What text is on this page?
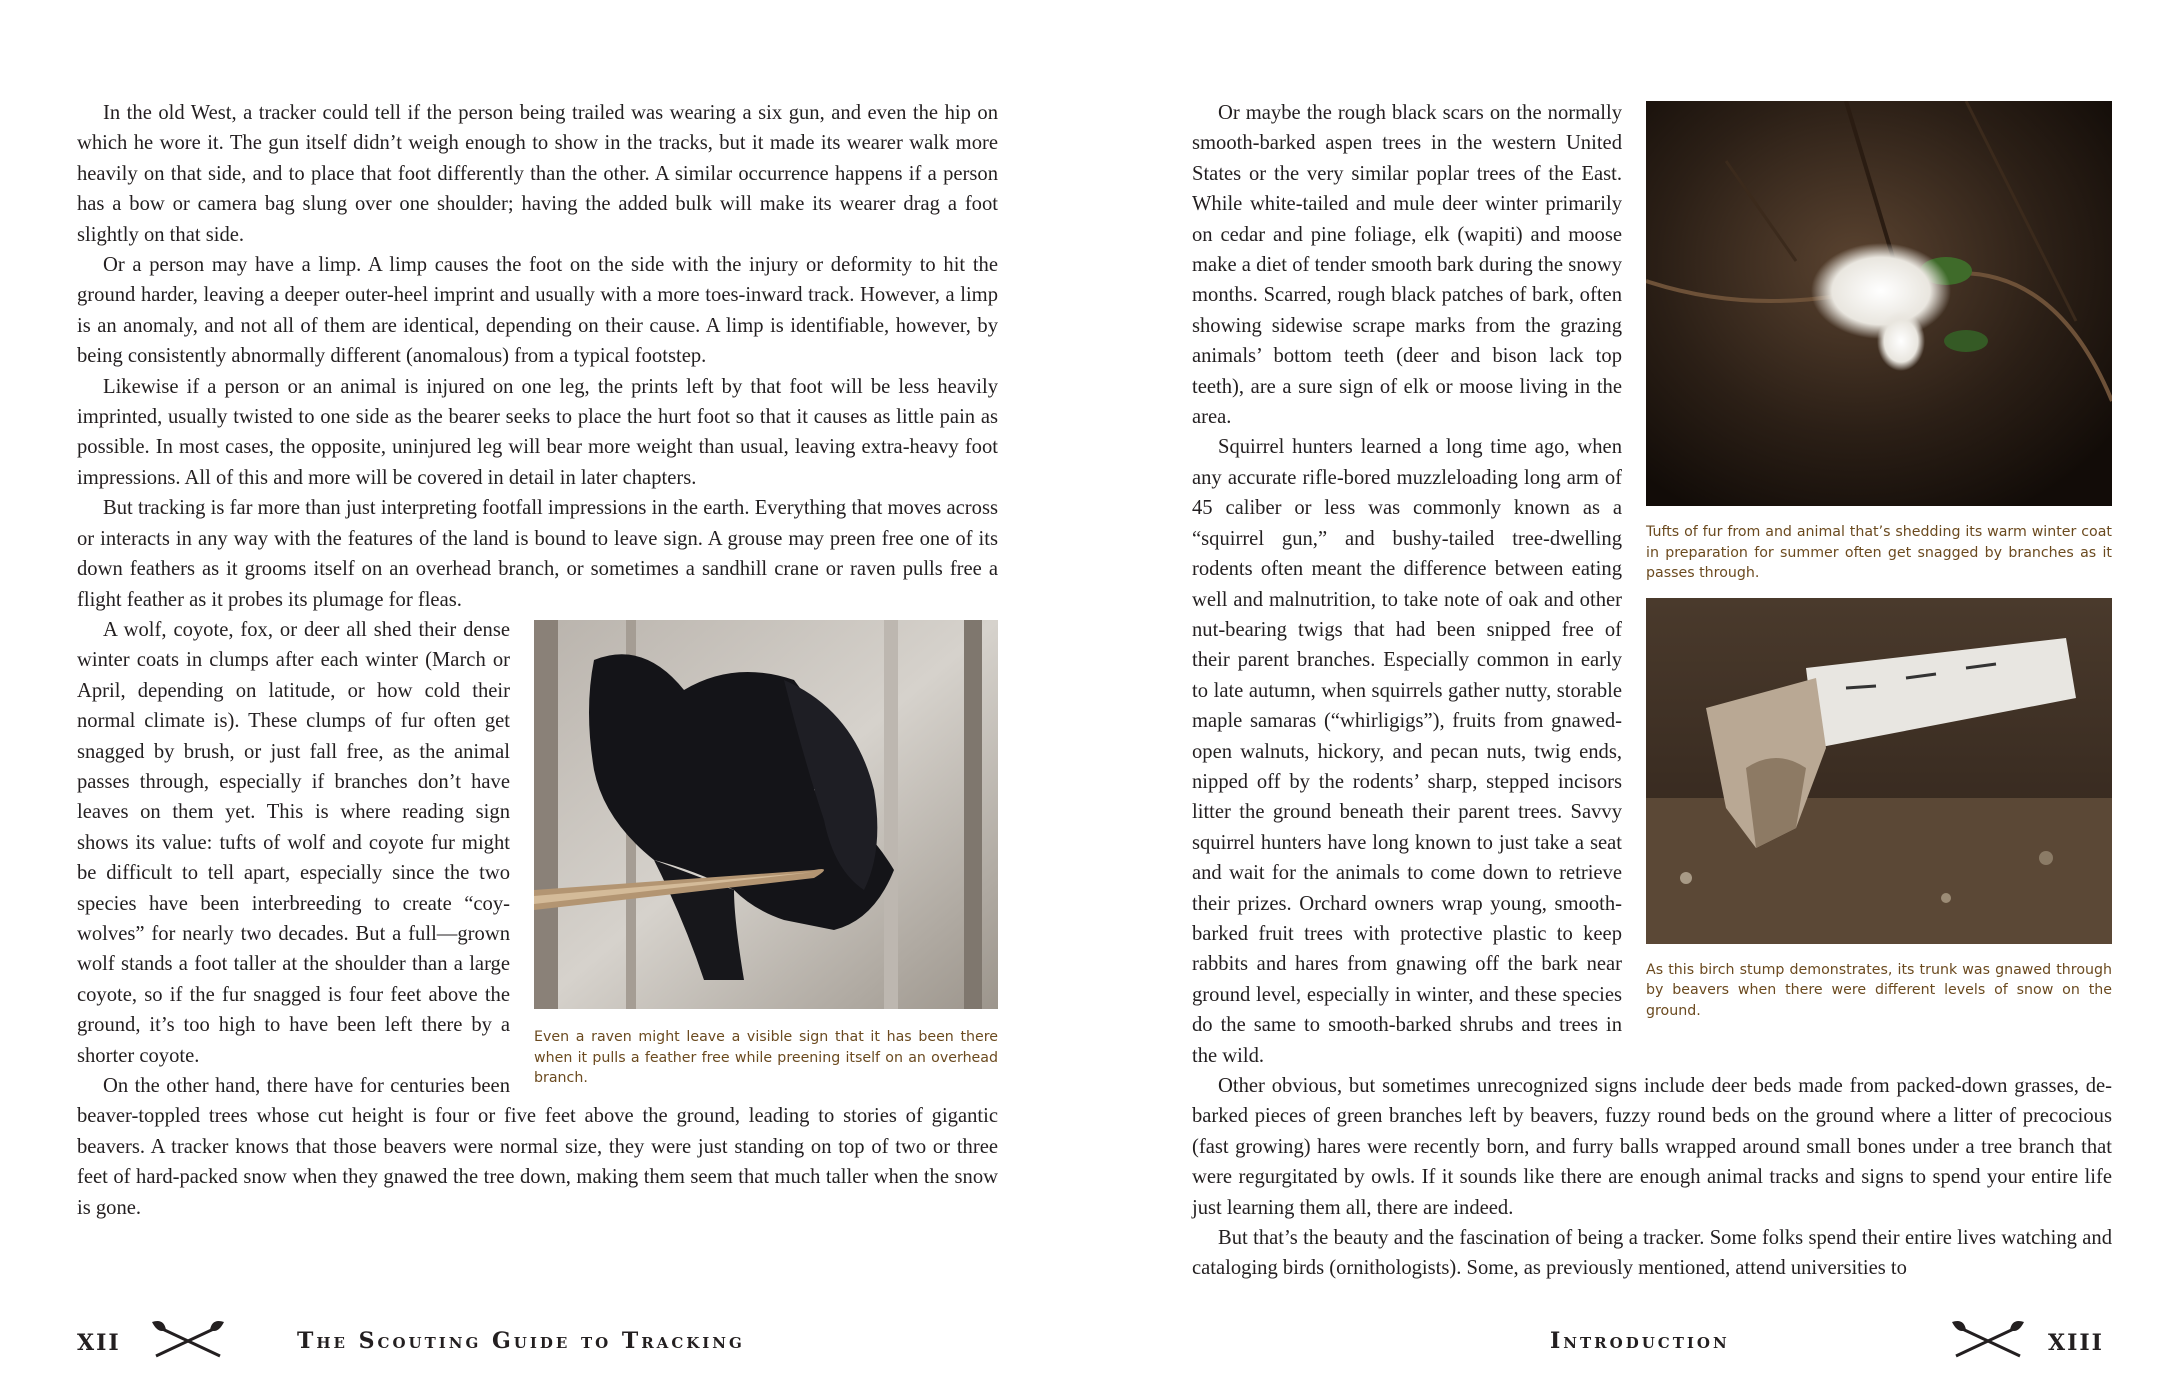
In the old West, a tracker could tell if the person being trailed was wearing a six gun, and even the hip on which he wore it. The gun itself didn’t weigh enough to show in the tracks, but it made its wearer walk more heavily on that side, and to place that foot differently than the other. A similar occurrence happens if a person has a bow or camera bag slung over one shoulder; having the added bulk will make its wearer drag a foot slightly on that side.

Or a person may have a limp. A limp causes the foot on the side with the injury or deformity to hit the ground harder, leaving a deeper outer-heel imprint and usually with a more toes-inward track. However, a limp is an anomaly, and not all of them are identical, depending on their cause. A limp is identifiable, however, by being consistently abnormally different (anomalous) from a typical footstep.

Likewise if a person or an animal is injured on one leg, the prints left by that foot will be less heavily imprinted, usually twisted to one side as the bearer seeks to place the hurt foot so that it causes as little pain as possible. In most cases, the opposite, uninjured leg will bear more weight than usual, leaving extra-heavy foot impressions. All of this and more will be covered in detail in later chapters.

But tracking is far more than just interpreting footfall impressions in the earth. Everything that moves across or interacts in any way with the features of the land is bound to leave sign. A grouse may preen free one of its down feathers as it grooms itself on an overhead branch, or sometimes a sandhill crane or raven pulls free a flight feather as it probes its plumage for fleas.

Even a raven might leave a visible sign that it has been there when it pulls a feather free while preening itself on an overhead branch.

A wolf, coyote, fox, or deer all shed their dense winter coats in clumps after each winter (March or April, depending on latitude, or how cold their normal climate is). These clumps of fur often get snagged by brush, or just fall free, as the animal passes through, especially if branches don’t have leaves on them yet. This is where reading sign shows its value: tufts of wolf and coyote fur might be difficult to tell apart, especially since the two species have been interbreeding to create “coy-wolves” for nearly two decades. But a full—grown wolf stands a foot taller at the shoulder than a large coyote, so if the fur snagged is four feet above the ground, it’s too high to have been left there by a shorter coyote.

On the other hand, there have for centuries been beaver-toppled trees whose cut height is four or five feet above the ground, leading to stories of gigantic beavers. A tracker knows that those beavers were normal size, they were just standing on top of two or three feet of hard-packed snow when they gnawed the tree down, making them seem that much taller when the snow is gone.

Tufts of fur from and animal that’s shedding its warm winter coat in preparation for summer often get snagged by branches as it passes through.
As this birch stump demonstrates, its trunk was gnawed through by beavers when there were different levels of snow on the ground.

Or maybe the rough black scars on the normally smooth-barked aspen trees in the western United States or the very similar poplar trees of the East. While white-tailed and mule deer winter primarily on cedar and pine foliage, elk (wapiti) and moose make a diet of tender smooth bark during the snowy months. Scarred, rough black patches of bark, often showing sidewise scrape marks from the grazing animals’ bottom teeth (deer and bison lack top teeth), are a sure sign of elk or moose living in the area.

Squirrel hunters learned a long time ago, when any accurate rifle-bored muzzleloading long arm of 45 caliber or less was commonly known as a “squirrel gun,” and bushy-tailed tree-dwelling rodents often meant the difference between eating well and malnutrition, to take note of oak and other nut-bearing twigs that had been snipped free of their parent branches. Especially common in early to late autumn, when squirrels gather nutty, storable maple samaras (“whirligigs”), fruits from gnawed-open walnuts, hickory, and pecan nuts, twig ends, nipped off by the rodents’ sharp, stepped incisors litter the ground beneath their parent trees. Savvy squirrel hunters have long known to just take a seat and wait for the animals to come down to retrieve their prizes. Orchard owners wrap young, smooth-barked fruit trees with protective plastic to keep rabbits and hares from gnawing off the bark near ground level, especially in winter, and these species do the same to smooth-barked shrubs and trees in the wild.

Other obvious, but sometimes unrecognized signs include deer beds made from packed-down grasses, de-barked pieces of green branches left by beavers, fuzzy round beds on the ground where a litter of precocious (fast growing) hares were recently born, and furry balls wrapped around small bones under a tree branch that were regurgitated by owls. If it sounds like there are enough animal tracks and signs to spend your entire life just learning them all, there are indeed.

But that’s the beauty and the fascination of being a tracker. Some folks spend their entire lives watching and cataloging birds (ornithologists). Some, as previously mentioned, attend universities to

XII	The Scouting Guide to Tracking	Introduction	XIII
